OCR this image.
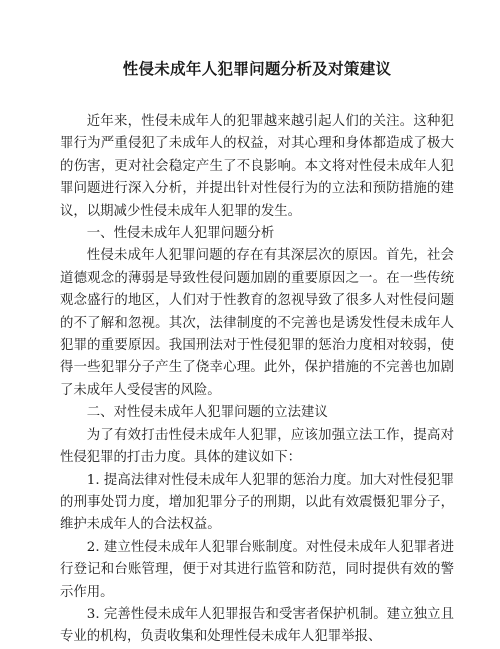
性侵未成年人犯罪问题分析及对策建议

近年来，性侵未成年人的犯罪越来越引起人们的关注。这种犯罪行为严重侵犯了未成年人的权益，对其心理和身体都造成了极大的伤害，更对社会稳定产生了不良影响。本文将对性侵未成年人犯罪问题进行深入分析，并提出针对性侵行为的立法和预防措施的建议，以期减少性侵未成年人犯罪的发生。

一、性侵未成年人犯罪问题分析

性侵未成年人犯罪问题的存在有其深层次的原因。首先，社会道德观念的薄弱是导致性侵问题加剧的重要原因之一。在一些传统观念盛行的地区，人们对于性教育的忽视导致了很多人对性侵问题的不了解和忽视。其次，法律制度的不完善也是诱发性侵未成年人犯罪的重要原因。我国刑法对于性侵犯罪的惩治力度相对较弱，使得一些犯罪分子产生了侥幸心理。此外，保护措施的不完善也加剧了未成年人受侵害的风险。

二、对性侵未成年人犯罪问题的立法建议

为了有效打击性侵未成年人犯罪，应该加强立法工作，提高对性侵犯罪的打击力度。具体的建议如下：

1. 提高法律对性侵未成年人犯罪的惩治力度。加大对性侵犯罪的刑事处罚力度，增加犯罪分子的刑期，以此有效震慑犯罪分子，维护未成年人的合法权益。

2. 建立性侵未成年人犯罪台账制度。对性侵未成年人犯罪者进行登记和台账管理，便于对其进行监管和防范，同时提供有效的警示作用。

3. 完善性侵未成年人犯罪报告和受害者保护机制。建立独立且专业的机构，负责收集和处理性侵未成年人犯罪举报、
